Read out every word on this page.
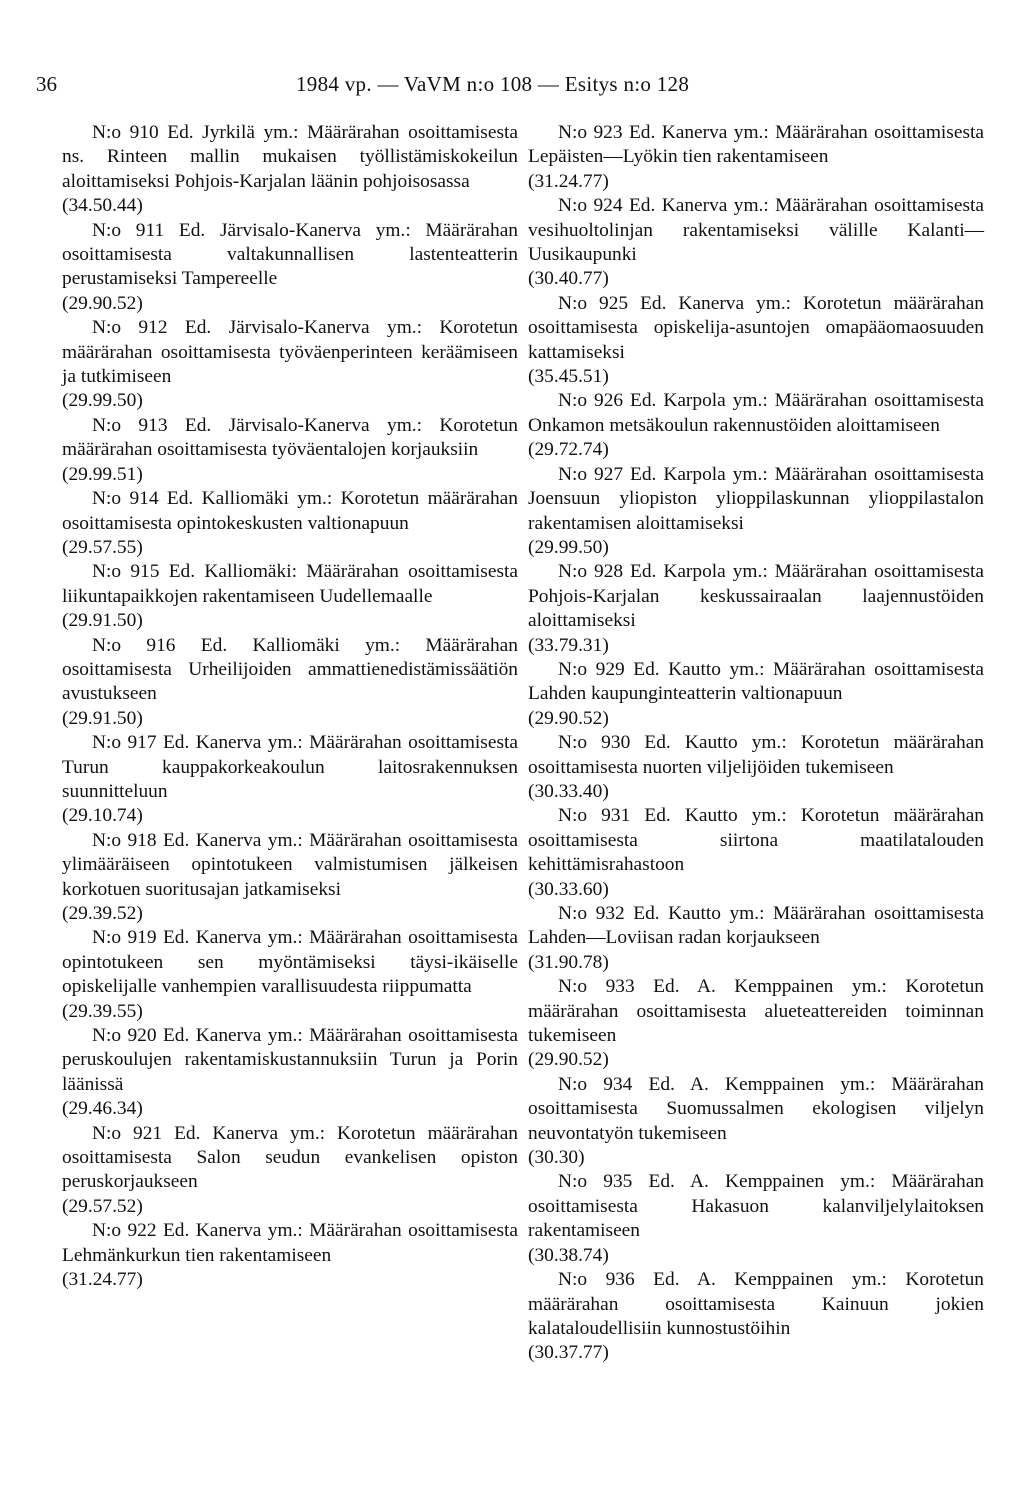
36	1984 vp. — VaVM n:o 108 — Esitys n:o 128

N:o 910 Ed. Jyrkilä ym.: Määrärahan osoittamisesta ns. Rinteen mallin mukaisen työllistämiskokeilun aloittamiseksi Pohjois-Karjalan läänin pohjoisosassa
(34.50.44)

N:o 911 Ed. Järvisalo-Kanerva ym.: Määrärahan osoittamisesta valtakunnallisen lastenteatterin perustamiseksi Tampereelle
(29.90.52)

N:o 912 Ed. Järvisalo-Kanerva ym.: Korotetun määrärahan osoittamisesta työväenperinteen keräämiseen ja tutkimiseen
(29.99.50)

N:o 913 Ed. Järvisalo-Kanerva ym.: Korotetun määrärahan osoittamisesta työväentalojen korjauksiin
(29.99.51)

N:o 914 Ed. Kalliomäki ym.: Korotetun määrärahan osoittamisesta opintokeskusten valtionapuun
(29.57.55)

N:o 915 Ed. Kalliomäki: Määrärahan osoittamisesta liikuntapaikkojen rakentamiseen Uudellemaalle
(29.91.50)

N:o 916 Ed. Kalliomäki ym.: Määrärahan osoittamisesta Urheilijoiden ammattienedistämissäätiön avustukseen
(29.91.50)

N:o 917 Ed. Kanerva ym.: Määrärahan osoittamisesta Turun kauppakorkeakoulun laitosrakennuksen suunnitteluun
(29.10.74)

N:o 918 Ed. Kanerva ym.: Määrärahan osoittamisesta ylimääräiseen opintotukeen valmistumisen jälkeisen korkotuen suoritusajan jatkamiseksi
(29.39.52)

N:o 919 Ed. Kanerva ym.: Määrärahan osoittamisesta opintotukeen sen myöntämiseksi täysi-ikäiselle opiskelijalle vanhempien varallisuudesta riippumatta
(29.39.55)

N:o 920 Ed. Kanerva ym.: Määrärahan osoittamisesta peruskoulujen rakentamiskustannuksiin Turun ja Porin läänissä
(29.46.34)

N:o 921 Ed. Kanerva ym.: Korotetun määrärahan osoittamisesta Salon seudun evankelisen opiston peruskorjaukseen
(29.57.52)

N:o 922 Ed. Kanerva ym.: Määrärahan osoittamisesta Lehmänkurkun tien rakentamiseen
(31.24.77)

N:o 923 Ed. Kanerva ym.: Määrärahan osoittamisesta Lepäisten—Lyökin tien rakentamiseen
(31.24.77)

N:o 924 Ed. Kanerva ym.: Määrärahan osoittamisesta vesihuoltolinjan rakentamiseksi välille Kalanti—Uusikaupunki
(30.40.77)

N:o 925 Ed. Kanerva ym.: Korotetun määrärahan osoittamisesta opiskelija-asuntojen omapääomaosuuden kattamiseksi
(35.45.51)

N:o 926 Ed. Karpola ym.: Määrärahan osoittamisesta Onkamon metsäkoulun rakennustöiden aloittamiseen
(29.72.74)

N:o 927 Ed. Karpola ym.: Määrärahan osoittamisesta Joensuun yliopiston ylioppilaskunnan ylioppilastalon rakentamisen aloittamiseksi
(29.99.50)

N:o 928 Ed. Karpola ym.: Määrärahan osoittamisesta Pohjois-Karjalan keskussairaalan laajennustöiden aloittamiseksi
(33.79.31)

N:o 929 Ed. Kautto ym.: Määrärahan osoittamisesta Lahden kaupunginteatterin valtionapuun
(29.90.52)

N:o 930 Ed. Kautto ym.: Korotetun määrärahan osoittamisesta nuorten viljelijöiden tukemiseen
(30.33.40)

N:o 931 Ed. Kautto ym.: Korotetun määrärahan osoittamisesta siirtona maatilatalouden kehittämisrahastoon
(30.33.60)

N:o 932 Ed. Kautto ym.: Määrärahan osoittamisesta Lahden—Loviisan radan korjaukseen
(31.90.78)

N:o 933 Ed. A. Kemppainen ym.: Korotetun määrärahan osoittamisesta alueteattereiden toiminnan tukemiseen
(29.90.52)

N:o 934 Ed. A. Kemppainen ym.: Määrärahan osoittamisesta Suomussalmen ekologisen viljelyn neuvontatyön tukemiseen
(30.30)

N:o 935 Ed. A. Kemppainen ym.: Määrärahan osoittamisesta Hakasuon kalanviljelylaitoksen rakentamiseen
(30.38.74)

N:o 936 Ed. A. Kemppainen ym.: Korotetun määrärahan osoittamisesta Kainuun jokien kalataloudellisiin kunnostustöihin
(30.37.77)
